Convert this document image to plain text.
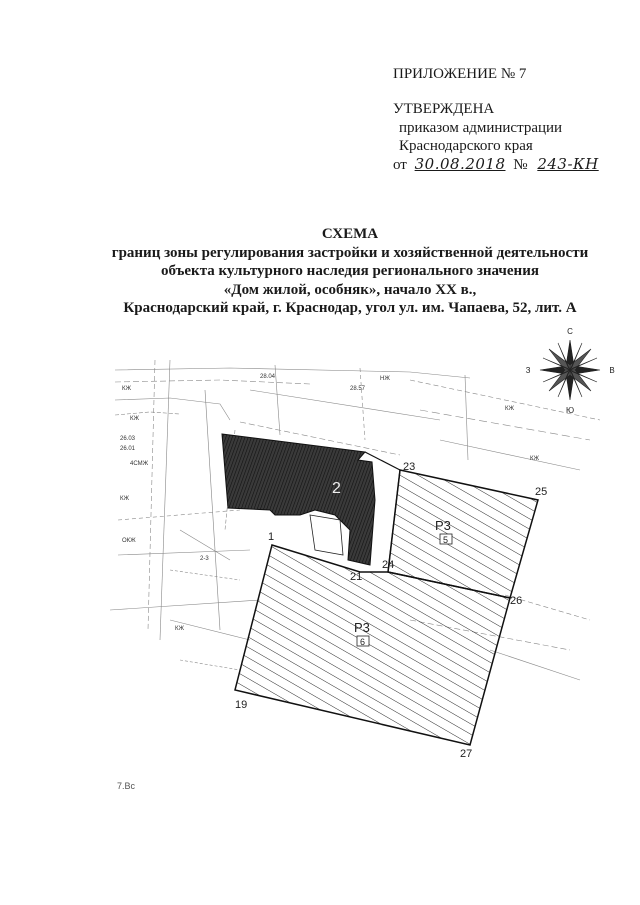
ПРИЛОЖЕНИЕ № 7
УТВЕРЖДЕНА
приказом администрации
Краснодарского края
от 30.08.2018 № 243-КН
СХЕМА
границ зоны регулирования застройки и хозяйственной деятельности
объекта культурного наследия регионального значения
«Дом жилой, особняк», начало XX в.,
Краснодарский край, г. Краснодар, угол ул. им. Чапаева, 52, лит. А
С
Ю
В
З
КЖ
КЖ
26.03
26.01
4СМЖ
КЖ
ОКЖ
КЖ
28.04
28.57
НЖ
КЖ
КЖ
2-3
Р3
5
Р3
6
2
19
21
23
24
25
26
27
1
7.Вс
